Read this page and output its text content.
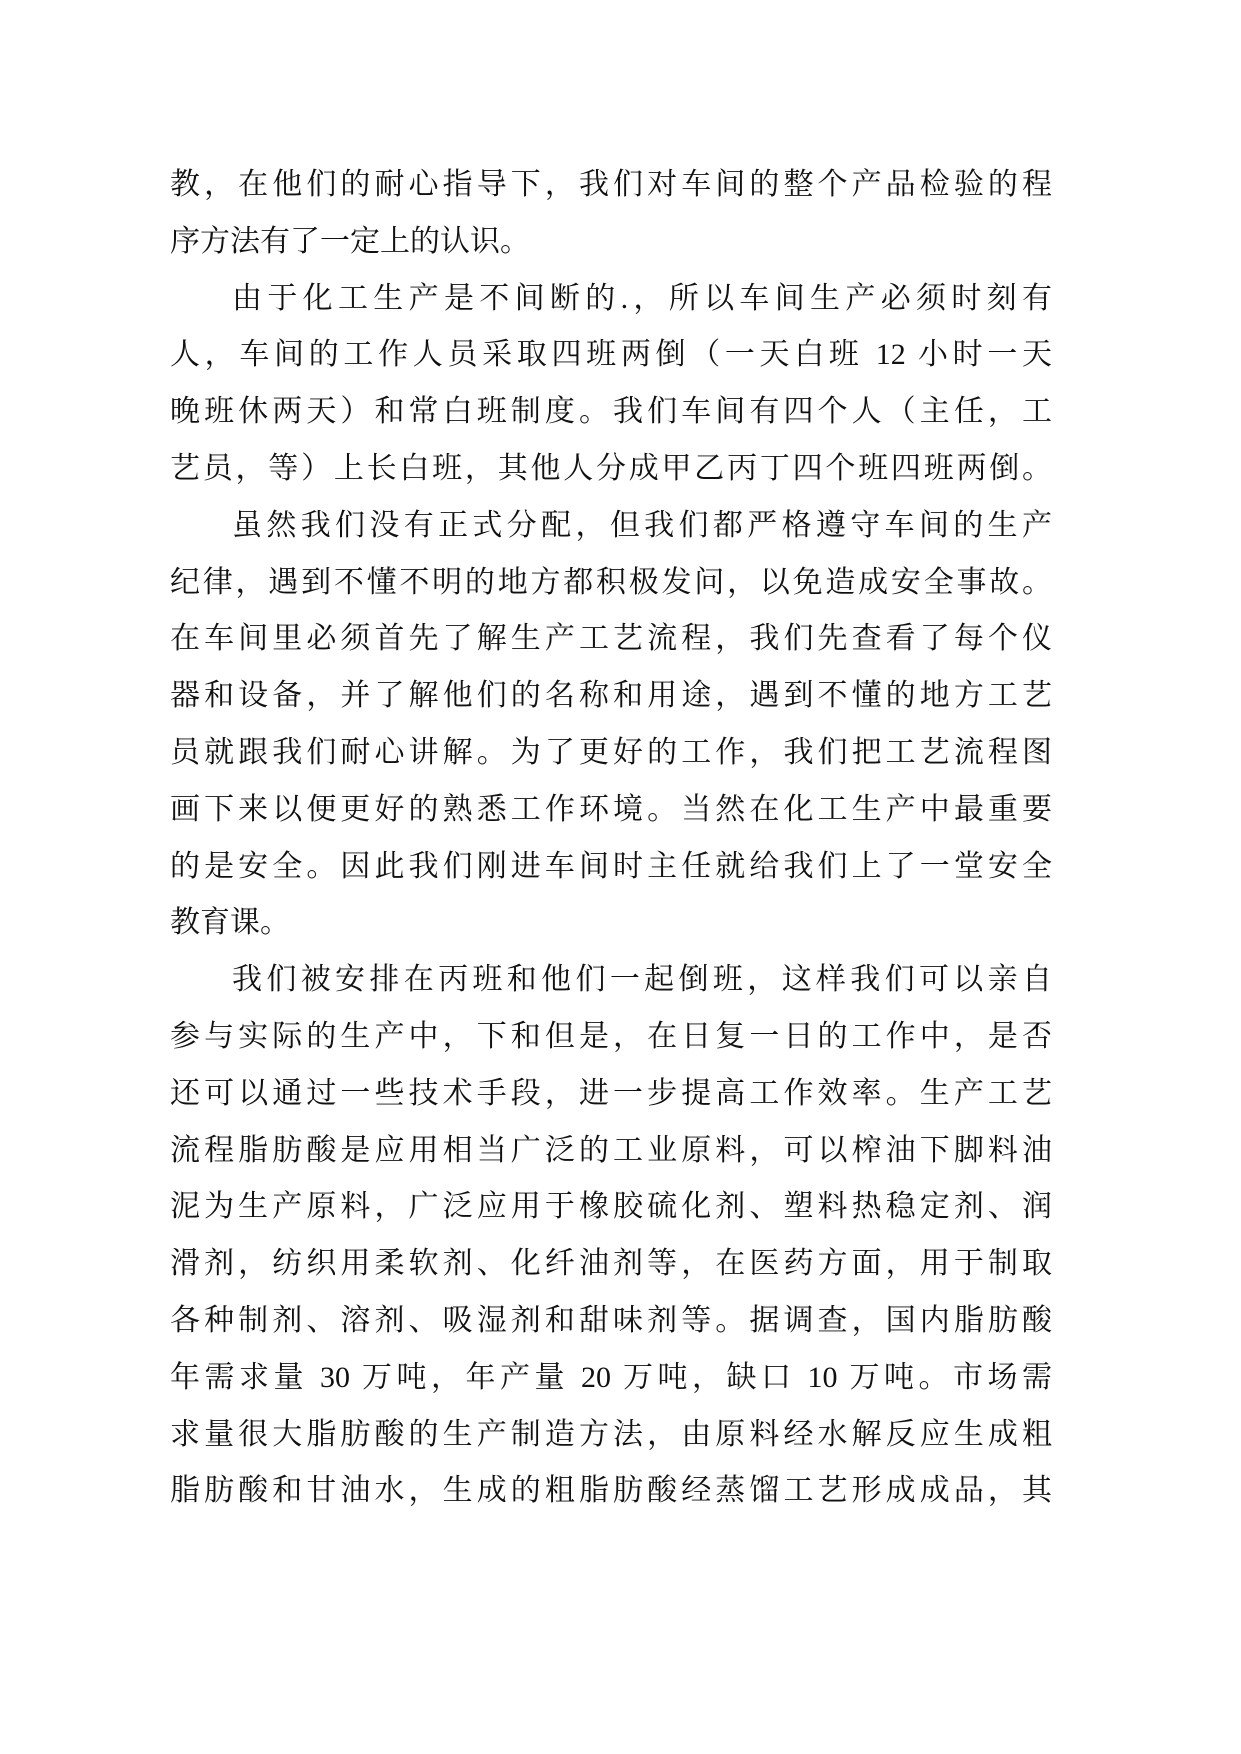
教，在他们的耐心指导下，我们对车间的整个产品检验的程
序方法有了一定上的认识。

由于化工生产是不间断的.，所以车间生产必须时刻有
人，车间的工作人员采取四班两倒（一天白班 12 小时一天
晚班休两天）和常白班制度。我们车间有四个人（主任，工
艺员，等）上长白班，其他人分成甲乙丙丁四个班四班两倒。

虽然我们没有正式分配，但我们都严格遵守车间的生产
纪律，遇到不懂不明的地方都积极发问，以免造成安全事故。
在车间里必须首先了解生产工艺流程，我们先查看了每个仪
器和设备，并了解他们的名称和用途，遇到不懂的地方工艺
员就跟我们耐心讲解。为了更好的工作，我们把工艺流程图
画下来以便更好的熟悉工作环境。当然在化工生产中最重要
的是安全。因此我们刚进车间时主任就给我们上了一堂安全
教育课。

我们被安排在丙班和他们一起倒班，这样我们可以亲自
参与实际的生产中，下和但是，在日复一日的工作中，是否
还可以通过一些技术手段，进一步提高工作效率。生产工艺
流程脂肪酸是应用相当广泛的工业原料，可以榨油下脚料油
泥为生产原料，广泛应用于橡胶硫化剂、塑料热稳定剂、润
滑剂，纺织用柔软剂、化纤油剂等，在医药方面，用于制取
各种制剂、溶剂、吸湿剂和甜味剂等。据调查，国内脂肪酸
年需求量 30 万吨，年产量 20 万吨，缺口 10 万吨。市场需
求量很大脂肪酸的生产制造方法，由原料经水解反应生成粗
脂肪酸和甘油水，生成的粗脂肪酸经蒸馏工艺形成成品，其
